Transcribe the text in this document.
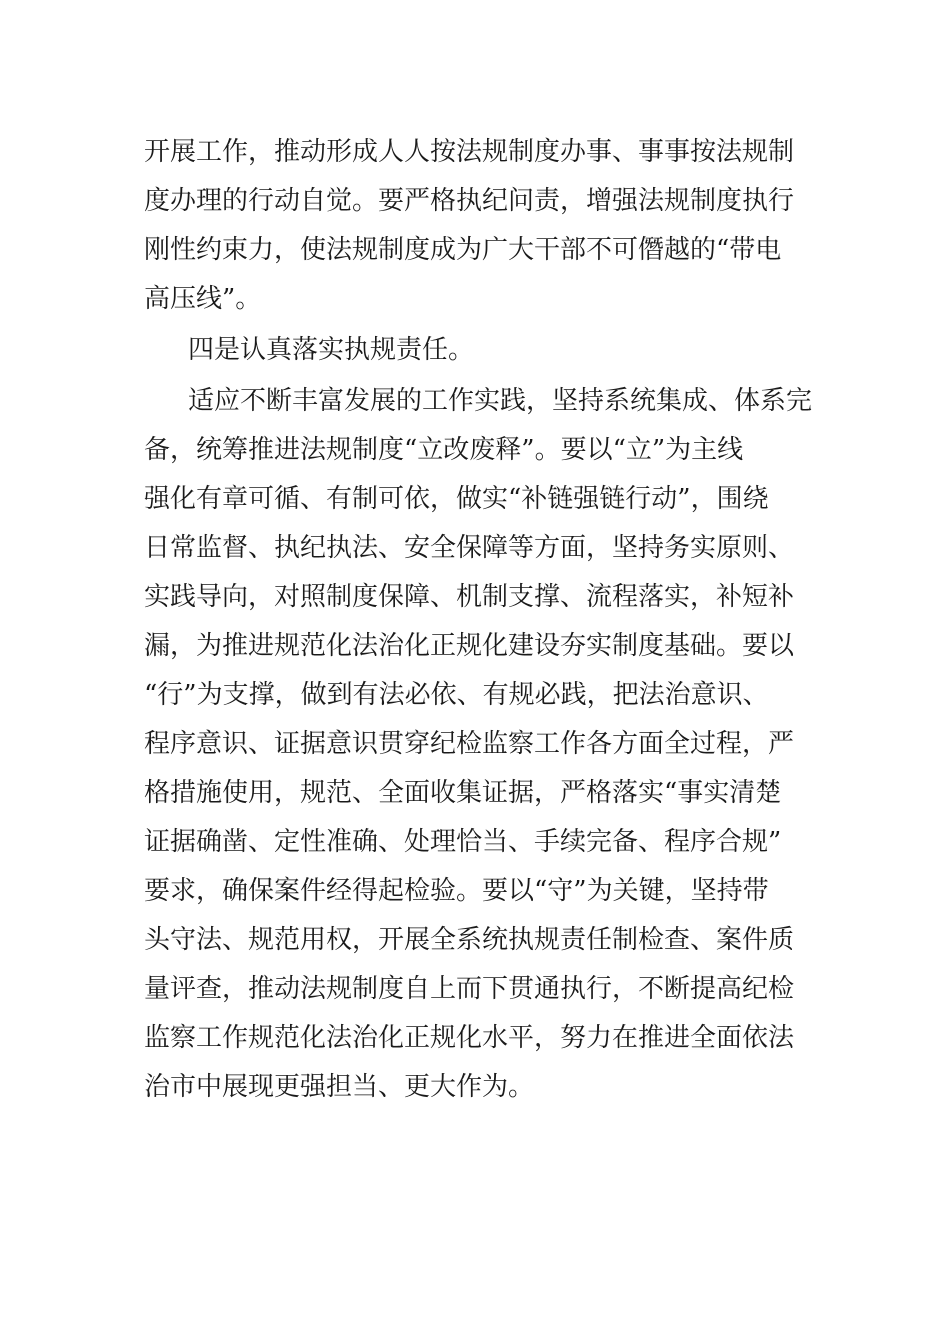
开展工作，推动形成人人按法规制度办事、事事按法规制
度办理的行动自觉。要严格执纪问责，增强法规制度执行
刚性约束力，使法规制度成为广大干部不可僭越的“带电
高压线”。
四是认真落实执规责任。
适应不断丰富发展的工作实践，坚持系统集成、体系完
备，统筹推进法规制度“立改废释”。要以“立”为主线
强化有章可循、有制可依，做实“补链强链行动”，围绕
日常监督、执纪执法、安全保障等方面，坚持务实原则、
实践导向，对照制度保障、机制支撑、流程落实，补短补
漏，为推进规范化法治化正规化建设夯实制度基础。要以
“行”为支撑，做到有法必依、有规必践，把法治意识、
程序意识、证据意识贯穿纪检监察工作各方面全过程，严
格措施使用，规范、全面收集证据，严格落实“事实清楚
证据确凿、定性准确、处理恰当、手续完备、程序合规”
要求，确保案件经得起检验。要以“守”为关键，坚持带
头守法、规范用权，开展全系统执规责任制检查、案件质
量评查，推动法规制度自上而下贯通执行，不断提高纪检
监察工作规范化法治化正规化水平，努力在推进全面依法
治市中展现更强担当、更大作为。
